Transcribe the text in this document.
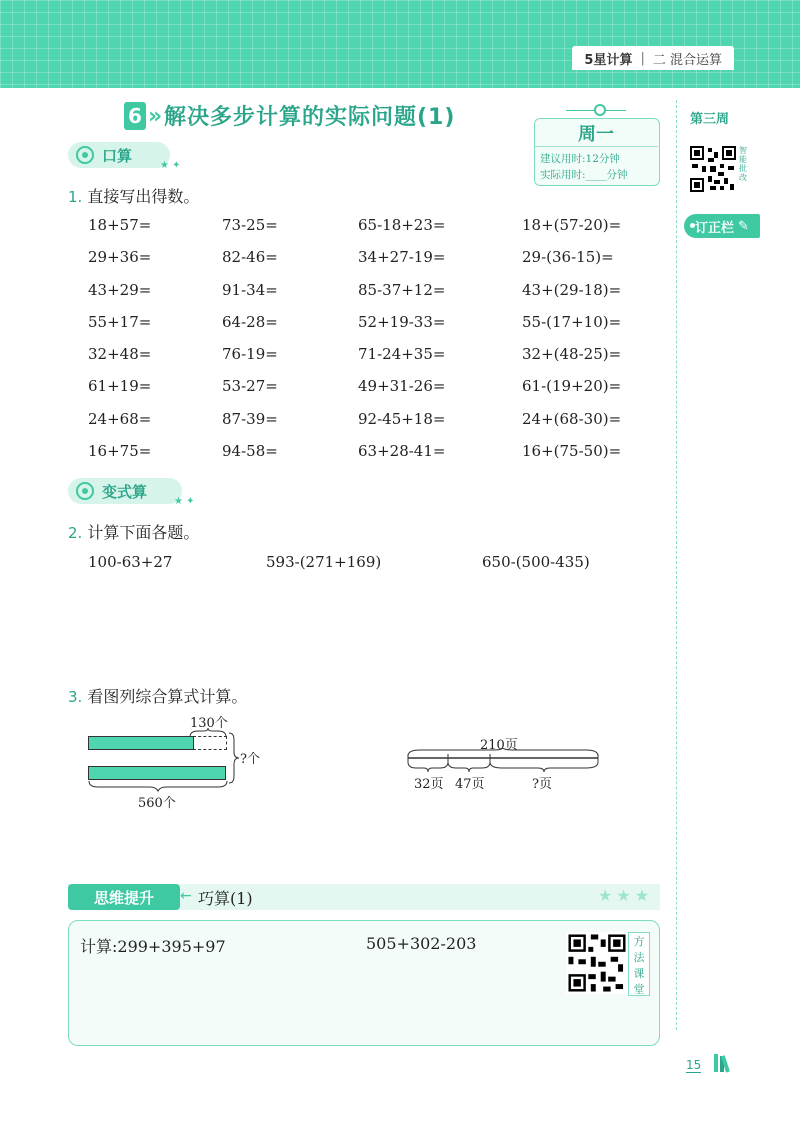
5星计算 | 二 混合运算
6 » 解决多步计算的实际问题(1)
周一
建议用时:12分钟
实际用时:____分钟
第三周
智能批改
订正栏 ✎
口算
★ ✦
1. 直接写出得数。
18+57=	73-25=	65-18+23=	18+(57-20)=
29+36=	82-46=	34+27-19=	29-(36-15)=
43+29=	91-34=	85-37+12=	43+(29-18)=
55+17=	64-28=	52+19-33=	55-(17+10)=
32+48=	76-19=	71-24+35=	32+(48-25)=
61+19=	53-27=	49+31-26=	61-(19+20)=
24+68=	87-39=	92-45+18=	24+(68-30)=
16+75=	94-58=	63+28-41=	16+(75-50)=
变式算
★ ✦
2. 计算下面各题。
100-63+27	593-(271+169)	650-(500-435)
3. 看图列综合算式计算。
130个
?个
560个
210页
32页 47页	?页
思维提升	← 巧算(1)	★★★
计算:299+395+97	505+302-203	方
法
课
堂
15
